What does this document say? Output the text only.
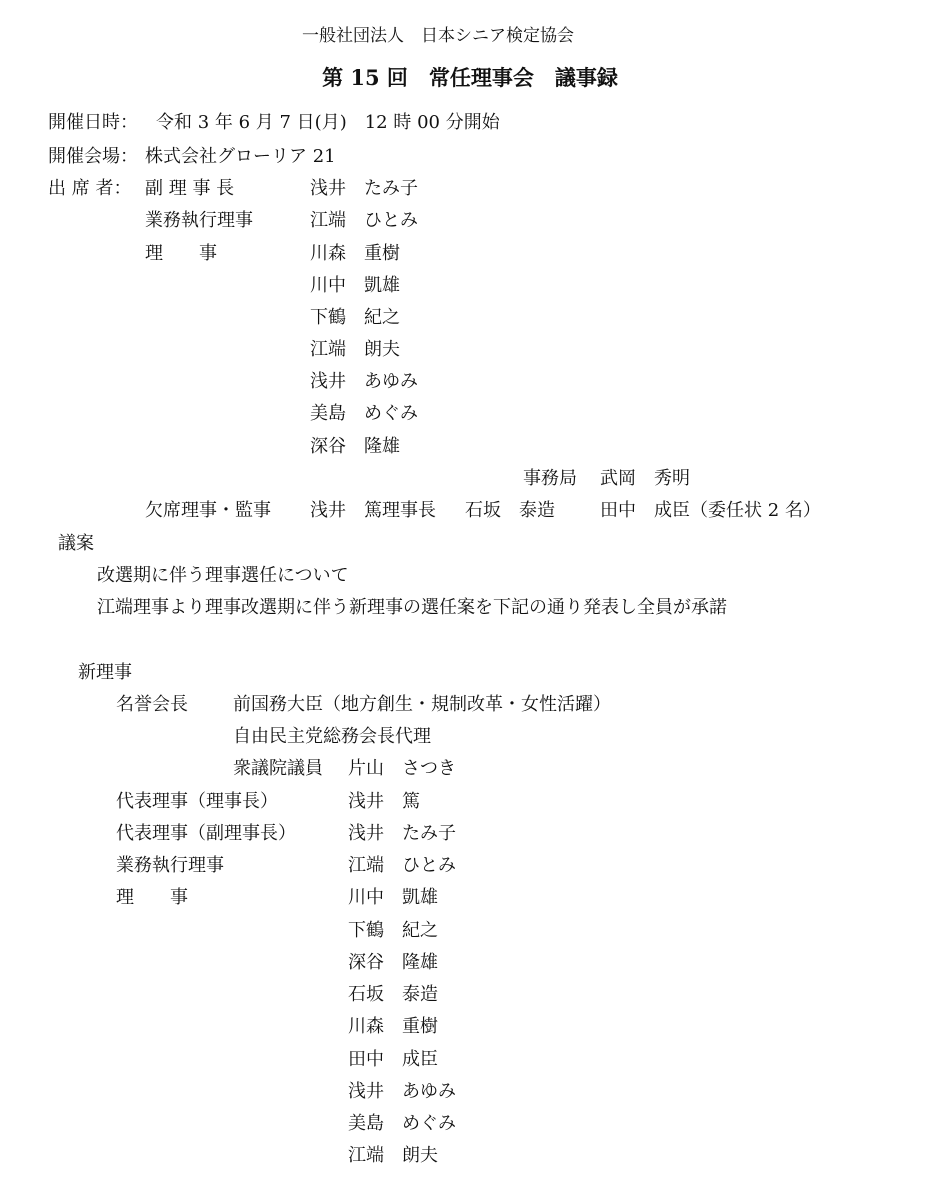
一般社団法人　日本シニア検定協会
第 15 回　常任理事会　議事録
開催日時： 令和 3 年 6 月 7 日(月)　12 時 00 分開始
開催会場： 株式会社グローリア 21
出 席 者： 副 理 事 長	浅井　たみ子
業務執行理事	江端　ひとみ
理　　事	川森　重樹
川中　凱雄
下鶴　紀之
江端　朗夫
浅井　あゆみ
美島　めぐみ
深谷　隆雄
事務局 武岡　秀明
欠席理事・監事 浅井　篤理事長 石坂　泰造	田中　成臣（委任状 2 名）
議案
改選期に伴う理事選任について
江端理事より理事改選期に伴う新理事の選任案を下記の通り発表し全員が承諾
新理事
名誉会長	前国務大臣（地方創生・規制改革・女性活躍）
自由民主党総務会長代理
衆議院議員 片山　さつき
代表理事（理事長）	浅井　篤
代表理事（副理事長）	浅井　たみ子
業務執行理事	江端　ひとみ
理　　事	川中　凱雄
下鶴　紀之
深谷　隆雄
石坂　泰造
川森　重樹
田中　成臣
浅井　あゆみ
美島　めぐみ
江端　朗夫
